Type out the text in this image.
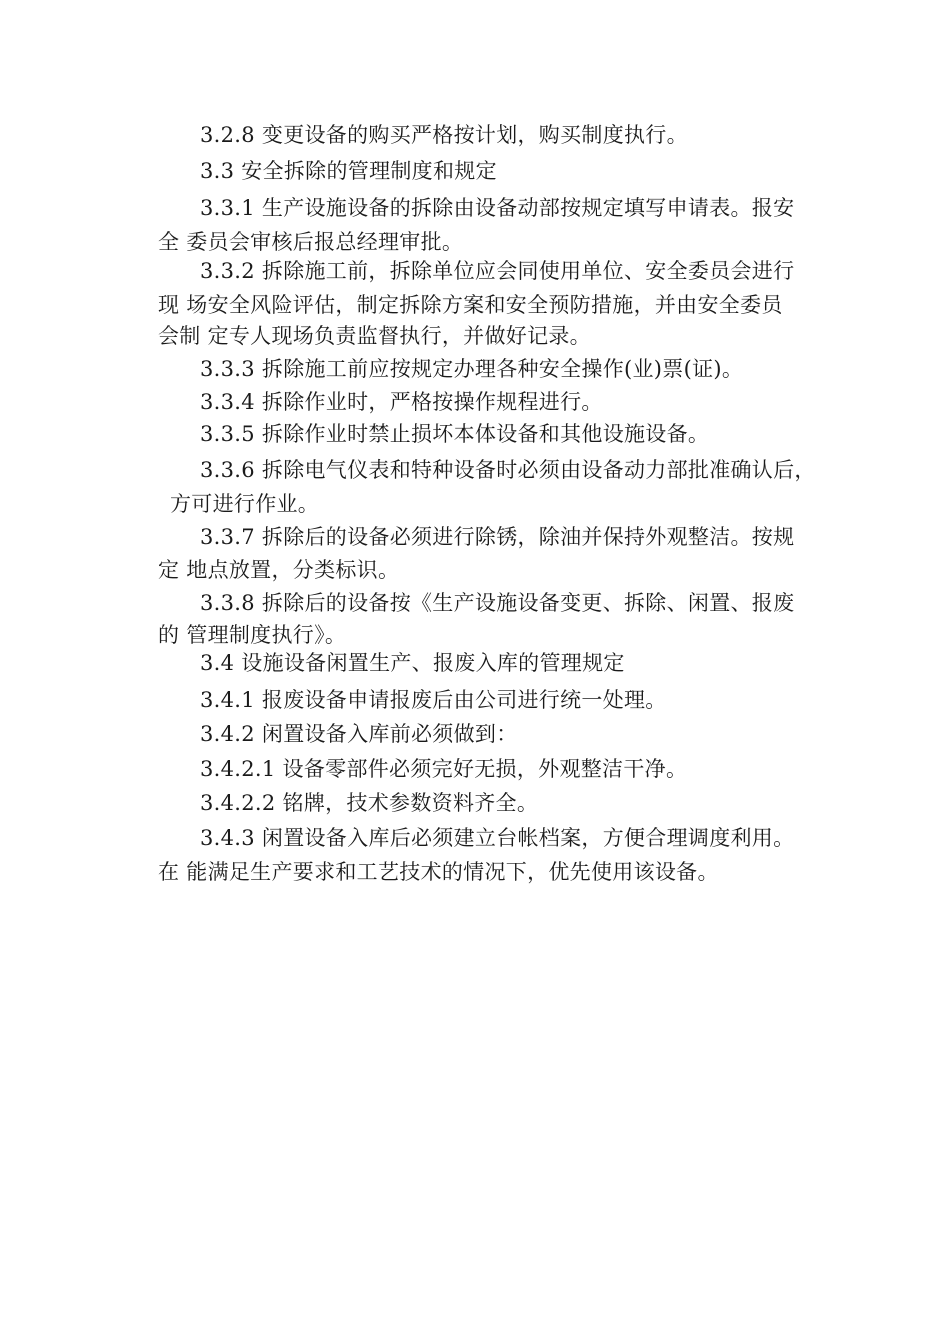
3.2.8 变更设备的购买严格按计划，购买制度执行。
3.3 安全拆除的管理制度和规定
3.3.1 生产设施设备的拆除由设备动部按规定填写申请表。报安
全 委员会审核后报总经理审批。
3.3.2 拆除施工前，拆除单位应会同使用单位、安全委员会进行
现 场安全风险评估，制定拆除方案和安全预防措施，并由安全委员
会制 定专人现场负责监督执行，并做好记录。
3.3.3 拆除施工前应按规定办理各种安全操作(业)票(证)。
3.3.4 拆除作业时，严格按操作规程进行。
3.3.5 拆除作业时禁止损坏本体设备和其他设施设备。
3.3.6 拆除电气仪表和特种设备时必须由设备动力部批准确认后，
方可进行作业。
3.3.7 拆除后的设备必须进行除锈，除油并保持外观整洁。按规
定 地点放置，分类标识。
3.3.8 拆除后的设备按《生产设施设备变更、拆除、闲置、报废
的 管理制度执行》。
3.4 设施设备闲置生产、报废入库的管理规定
3.4.1 报废设备申请报废后由公司进行统一处理。
3.4.2 闲置设备入库前必须做到：
3.4.2.1 设备零部件必须完好无损，外观整洁干净。
3.4.2.2 铭牌，技术参数资料齐全。
3.4.3 闲置设备入库后必须建立台帐档案，方便合理调度利用。
在 能满足生产要求和工艺技术的情况下，优先使用该设备。
